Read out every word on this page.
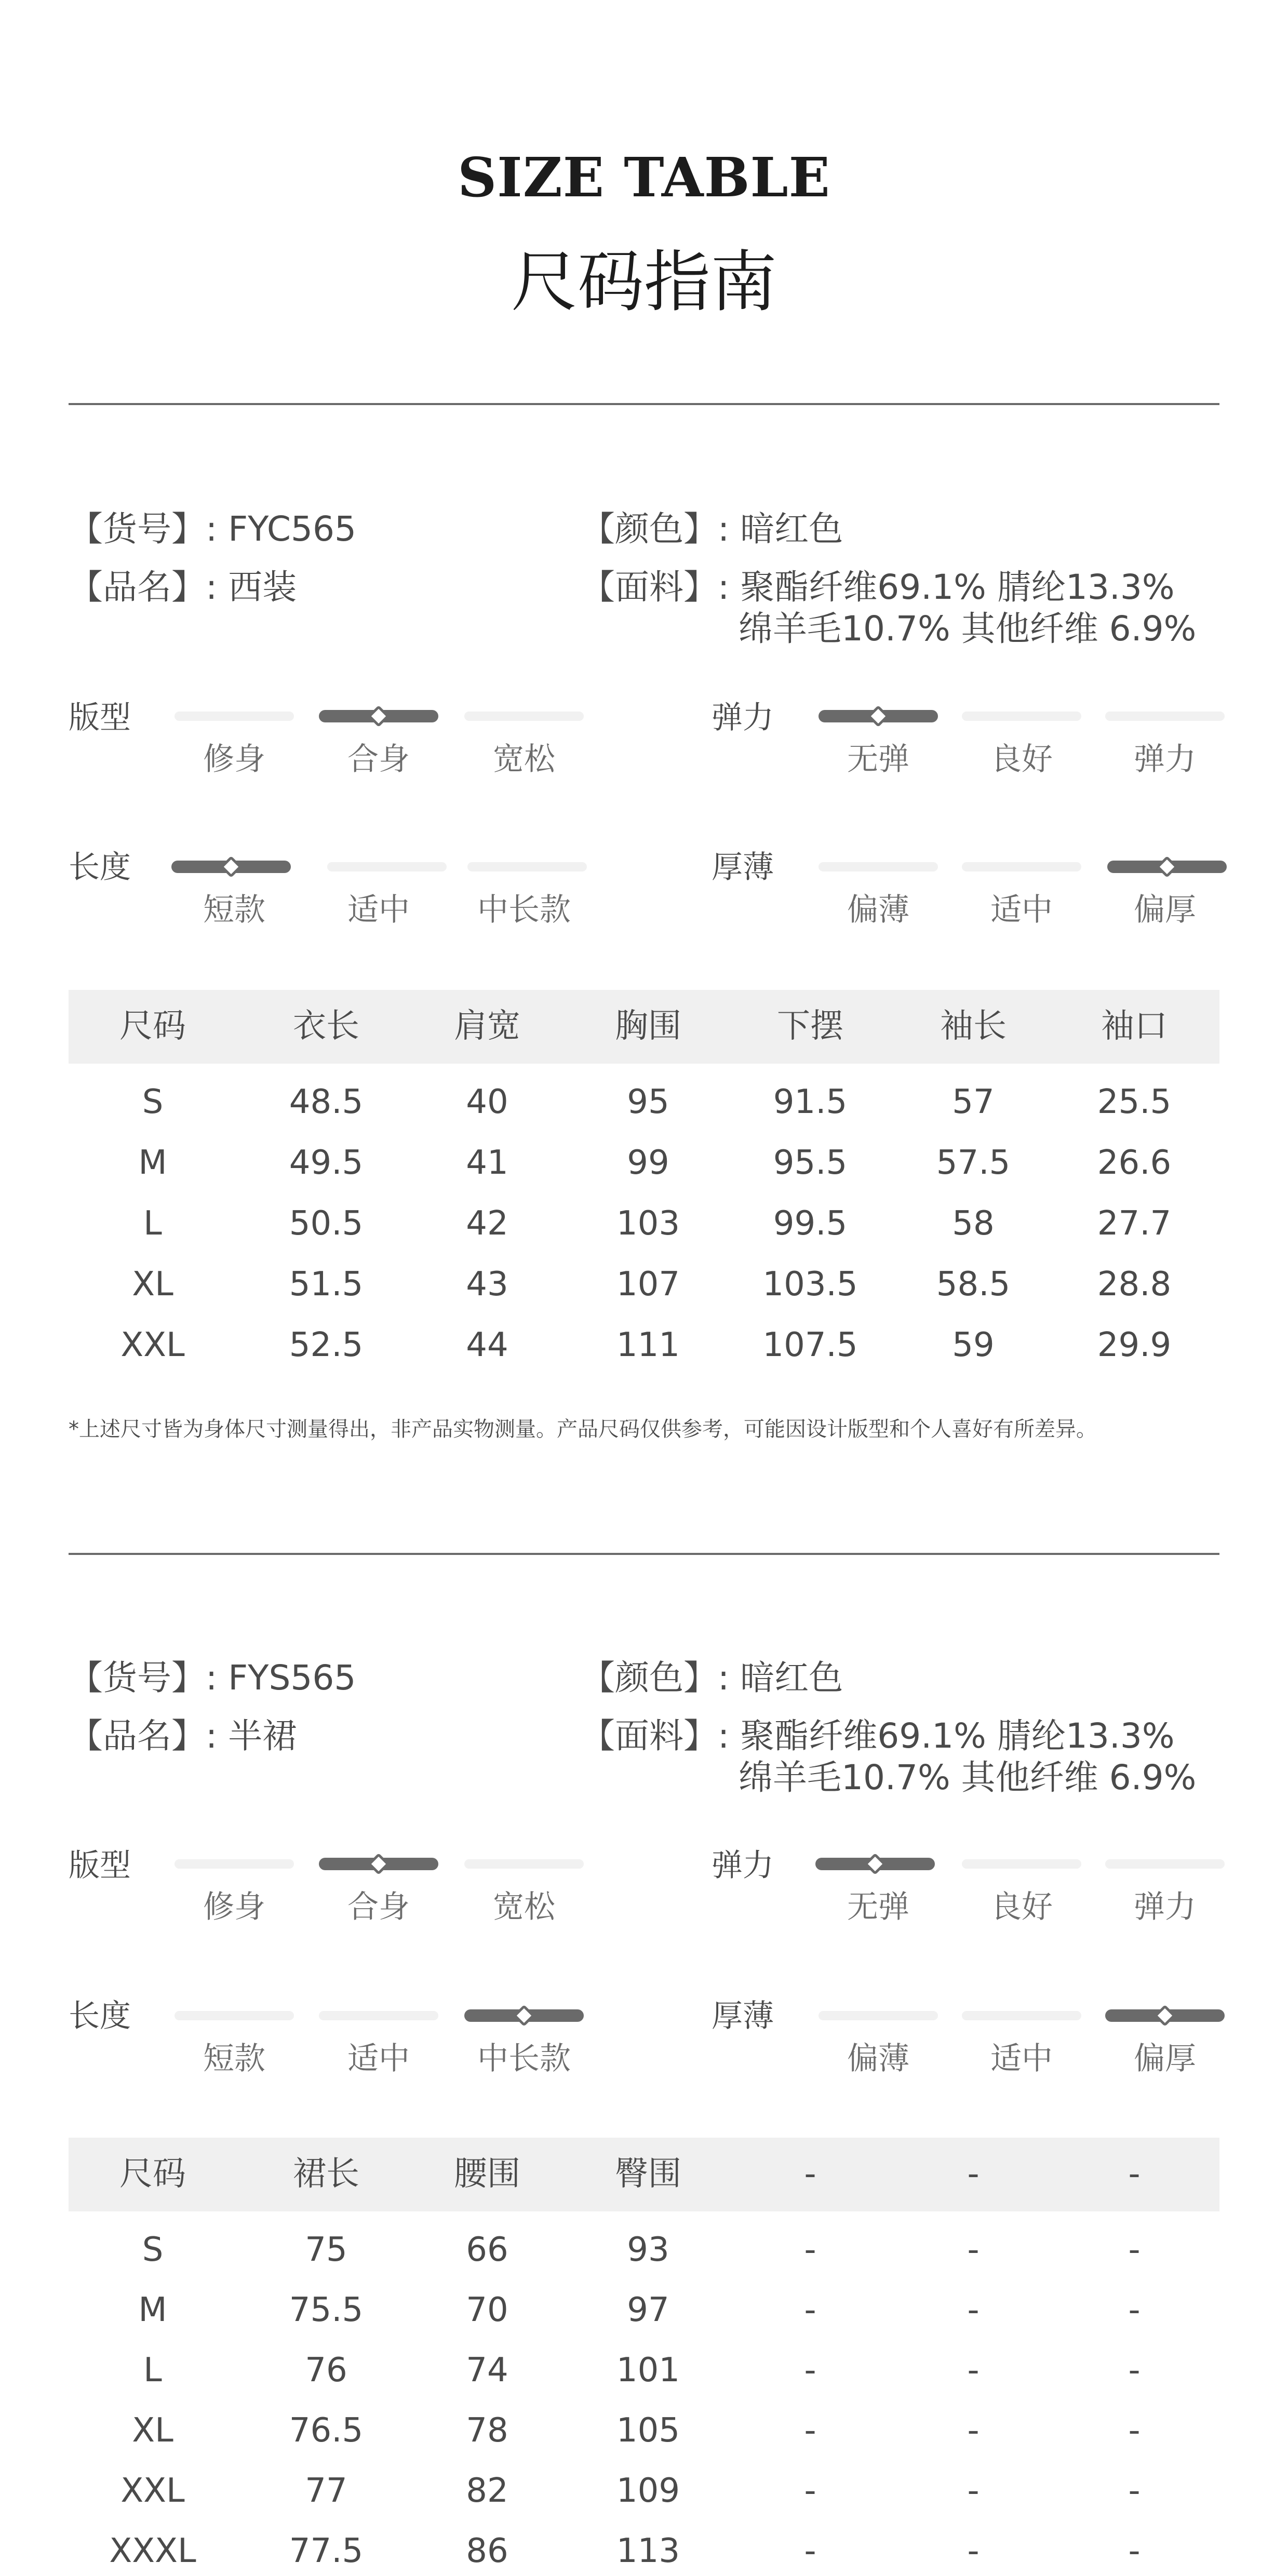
SIZE TABLE
尺码指南
【货号】: FYC565
【品名】: 西装
【颜色】: 暗红色
【面料】: 聚酯纤维69.1% 腈纶13.3%
绵羊毛10.7% 其他纤维 6.9%
版型
修身	合身	宽松
弹力
无弹	良好	弹力
长度
短款	适中	中长款
厚薄
偏薄	适中	偏厚
尺码	衣长	肩宽	胸围	下摆	袖长	袖口
S	48.5	40	95	91.5	57	25.5
M	49.5	41	99	95.5	57.5	26.6
L	50.5	42	103	99.5	58	27.7
XL	51.5	43	107	103.5	58.5	28.8
XXL	52.5	44	111	107.5	59	29.9
*上述尺寸皆为身体尺寸测量得出，非产品实物测量。产品尺码仅供参考，可能因设计版型和个人喜好有所差异。
【货号】: FYS565
【品名】: 半裙
【颜色】: 暗红色
【面料】: 聚酯纤维69.1% 腈纶13.3%
绵羊毛10.7% 其他纤维 6.9%
版型
修身	合身	宽松
弹力
无弹	良好	弹力
长度
短款	适中	中长款
厚薄
偏薄	适中	偏厚
尺码	裙长	腰围	臀围	-	-	-
S	75	66	93	-	-	-
M	75.5	70	97	-	-	-
L	76	74	101	-	-	-
XL	76.5	78	105	-	-	-
XXL	77	82	109	-	-	-
XXXL	77.5	86	113	-	-	-
